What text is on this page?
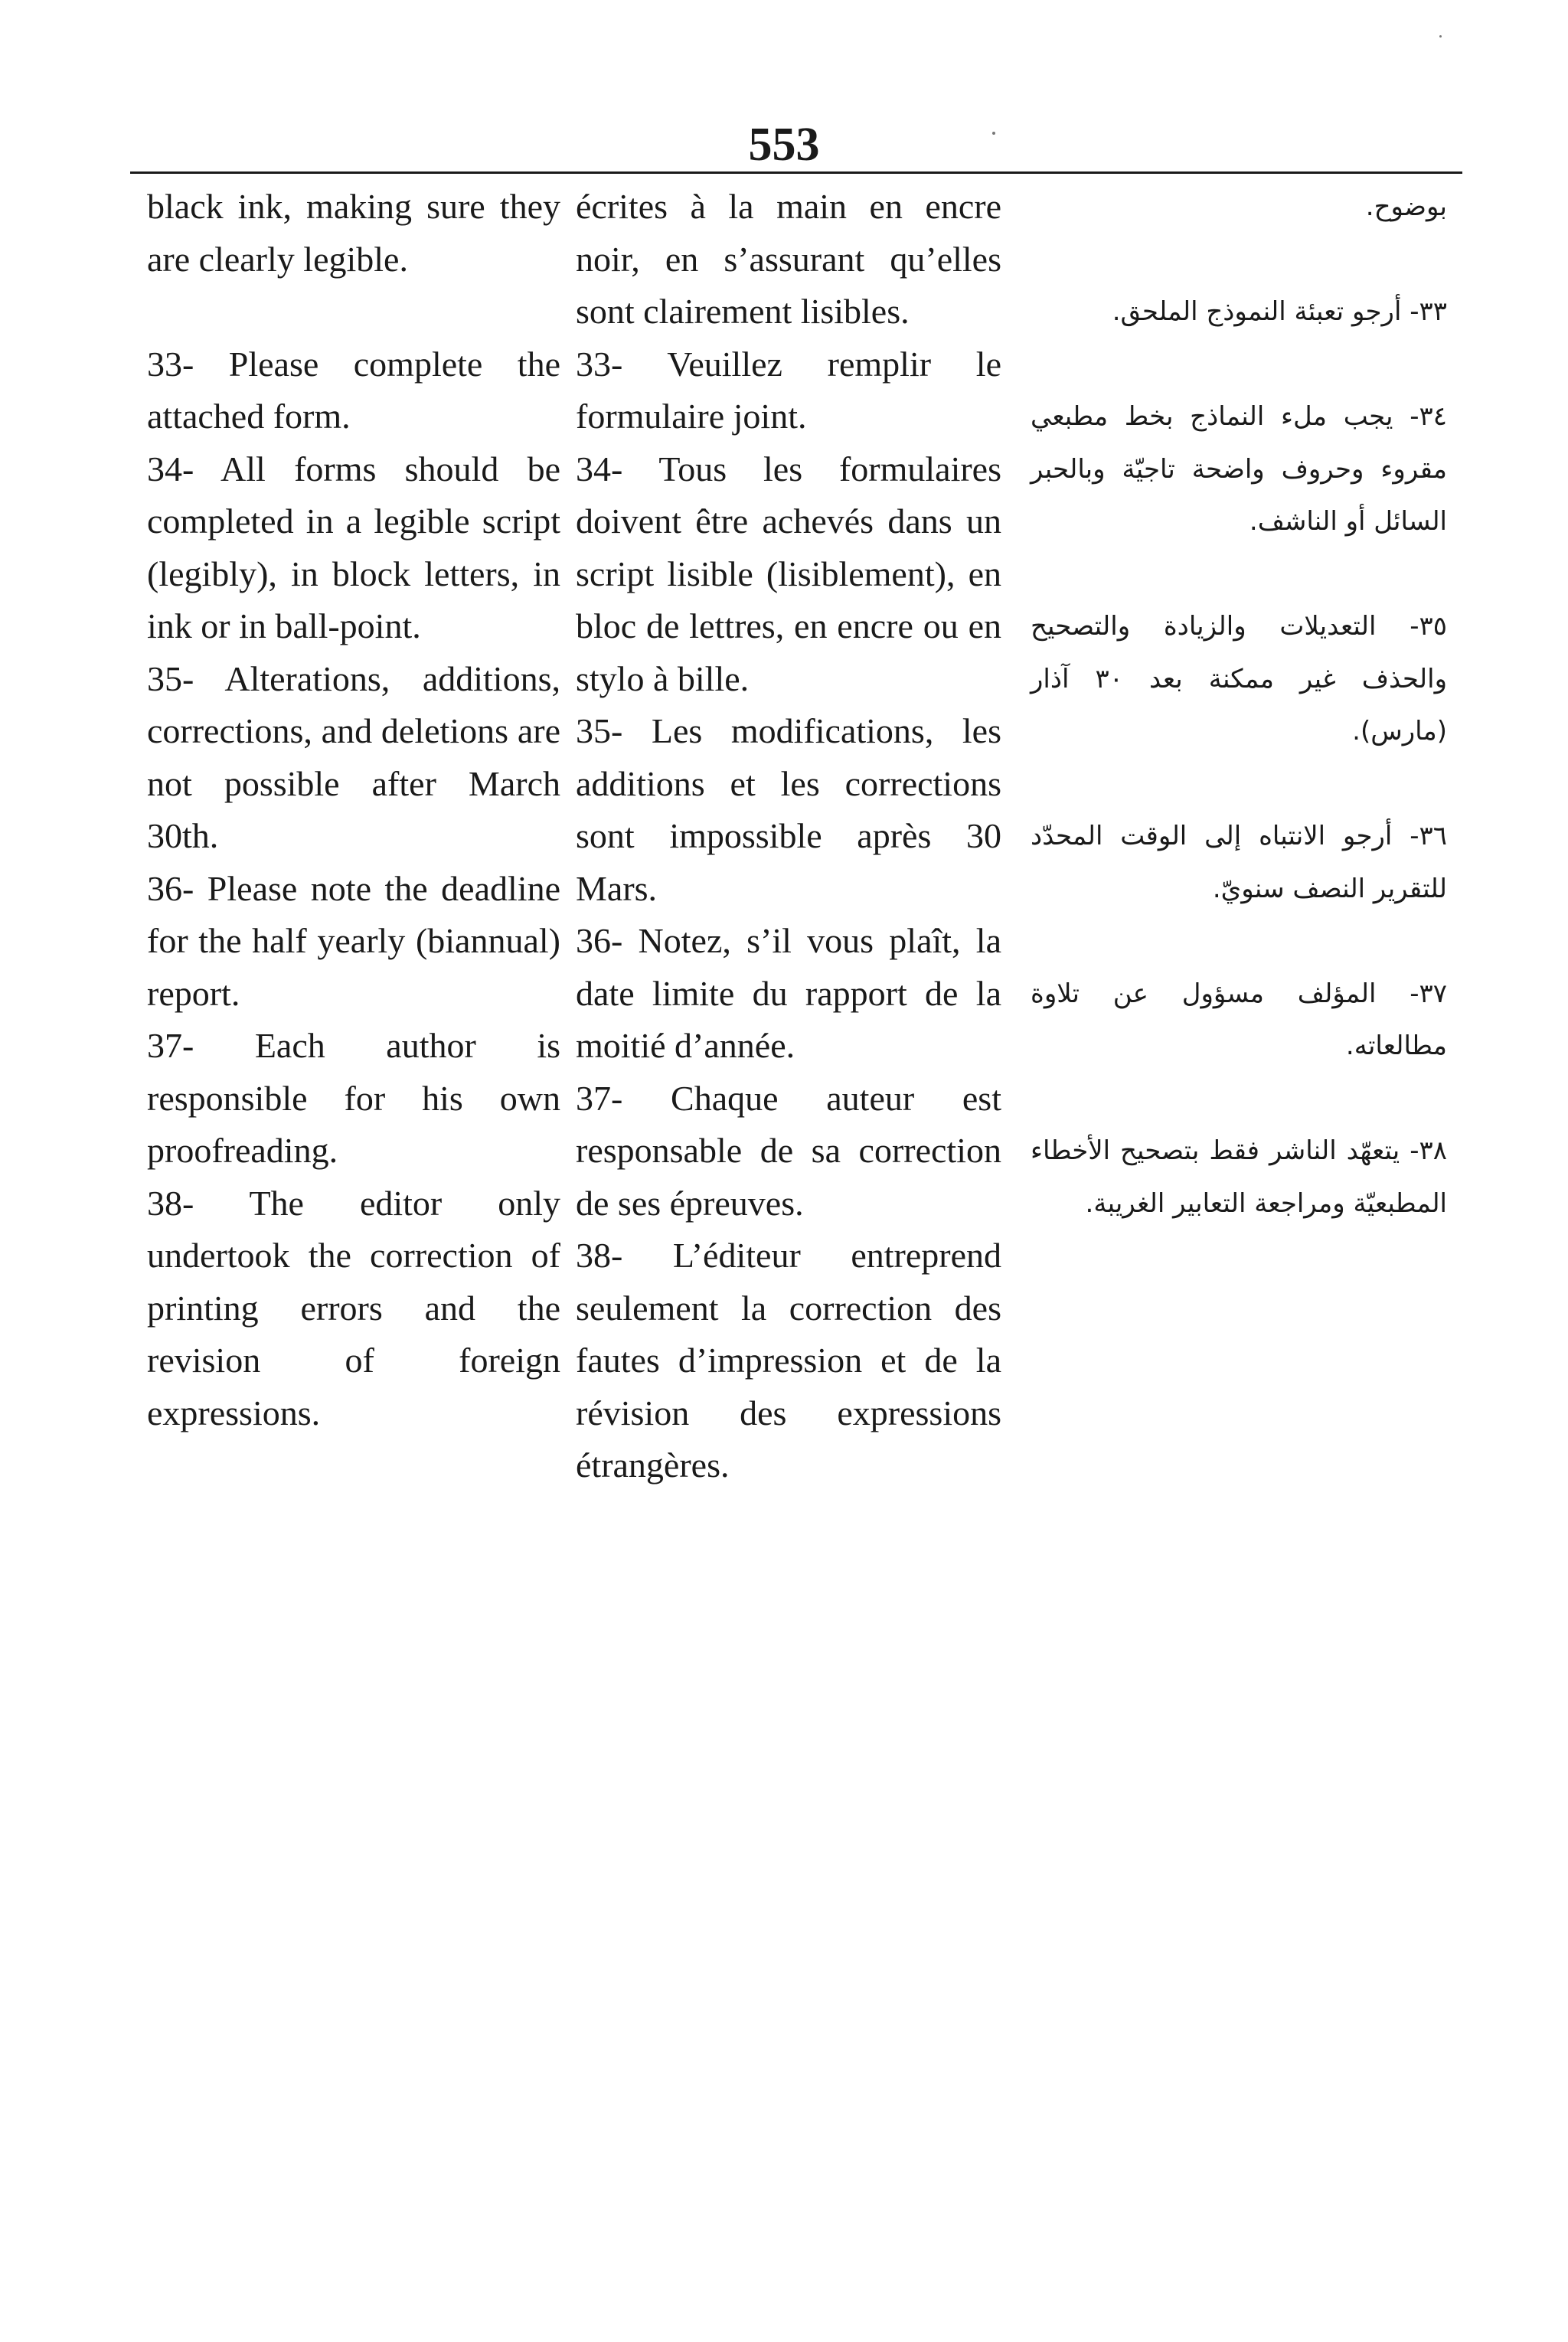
553

black ink, making sure they are clearly legible.

33- Please complete the attached form.

34- All forms should be completed in a legible script (legibly), in block letters, in ink or in ball-point.

35- Alterations, additions, corrections, and deletions are not possible after March 30th.

36- Please note the deadline for the half yearly (biannual) report.

37- Each author is responsible for his own proofreading.

38- The editor only undertook the correction of printing errors and the revision of foreign expressions.

écrites à la main en encre noir, en s’assurant qu’elles sont clairement lisibles.

33- Veuillez remplir le formulaire joint.

34- Tous les formulaires doivent être achevés dans un script lisible (lisiblement), en bloc de lettres, en encre ou en stylo à bille.

35- Les modifications, les additions et les corrections sont impossible après 30 Mars.

36- Notez, s’il vous plaît, la date limite du rapport de la moitié d’année.

37- Chaque auteur est responsable de sa correction de ses épreuves.

38- L’éditeur entreprend seulement la correction des fautes d’impression et de la révision des expressions étrangères.

بوضوح.

٣٣- أرجو تعبئة النموذج الملحق.

٣٤- يجب ملء النماذج بخط مطبعي مقروء وحروف واضحة تاجيّة وبالحبر السائل أو الناشف.

٣٥- التعديلات والزيادة والتصحيح والحذف غير ممكنة بعد ٣٠ آذار (مارس).

٣٦- أرجو الانتباه إلى الوقت المحدّد للتقرير النصف سنويّ.

٣٧- المؤلف مسؤول عن تلاوة مطالعاته.

٣٨- يتعهّد الناشر فقط بتصحيح الأخطاء المطبعيّة ومراجعة التعابير الغريبة.
